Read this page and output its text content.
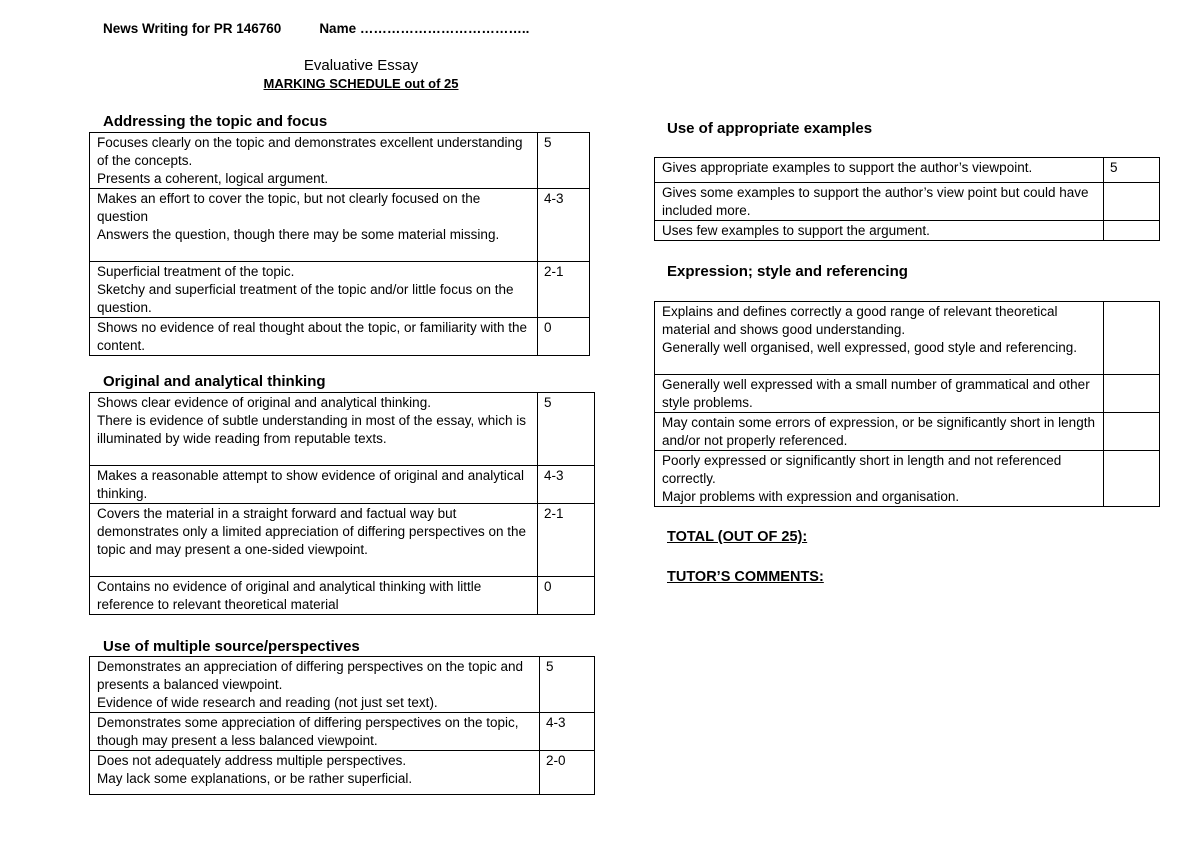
News Writing for PR 146760	Name ………………………………..
Evaluative Essay
MARKING SCHEDULE out of 25
Addressing the topic and focus
Focuses clearly on the topic and demonstrates excellent understanding of the concepts.
Presents a coherent, logical argument.	5

Makes an effort to cover the topic, but not clearly focused on the question
Answers the question, though there may be some material missing.	4-3

Superficial treatment of the topic.
Sketchy and superficial treatment of the topic and/or little focus on the question.	2-1

Shows no evidence of real thought about the topic, or familiarity with the content.	0
Original and analytical thinking
Shows clear evidence of original and analytical thinking.
There is evidence of subtle understanding in most of the essay, which is illuminated by wide reading from reputable texts.	5

Makes a reasonable attempt to show evidence of original and analytical thinking.	4-3

Covers the material in a straight forward and factual way but demonstrates only a limited appreciation of differing perspectives on the topic and may present a one-sided viewpoint.	2-1

Contains no evidence of original and analytical thinking with little reference to relevant theoretical material	0
Use of multiple source/perspectives
Demonstrates an appreciation of differing perspectives on the topic and presents a balanced viewpoint.
Evidence of wide research and reading (not just set text).	5

Demonstrates some appreciation of differing perspectives on the topic, though may present a less balanced viewpoint.	4-3

Does not adequately address multiple perspectives.
May lack some explanations, or be rather superficial.	2-0
Use of appropriate examples
Gives appropriate examples to support the author’s viewpoint.	5

Gives some examples to support the author’s view point but could have included more.	

Uses few examples to support the argument.	

Expression; style and referencing
Explains and defines correctly a good range of relevant theoretical material and shows good understanding.
Generally well organised, well expressed, good style and referencing.	

Generally well expressed with a small number of grammatical and other style problems.	

May contain some errors of expression, or be significantly short in length and/or not properly referenced.	

Poorly expressed or significantly short in length and not referenced correctly.
Major problems with expression and organisation.	

TOTAL (OUT OF 25):
TUTOR’S COMMENTS:
